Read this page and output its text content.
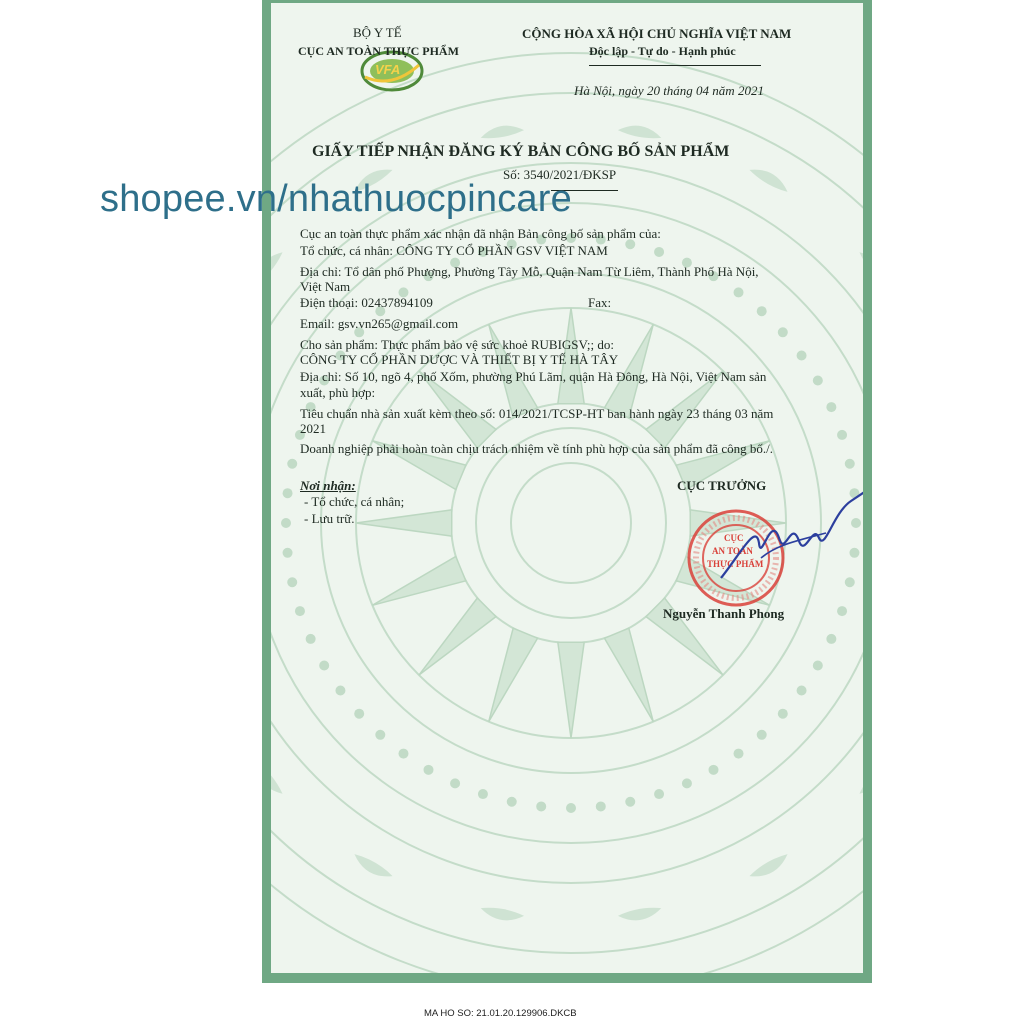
VFA
BỘ Y TẾ
CỤC AN TOÀN THỰC PHẨM
CỘNG HÒA XÃ HỘI CHỦ NGHĨA VIỆT NAM
Độc lập - Tự do - Hạnh phúc
Hà Nội, ngày 20 tháng 04 năm 2021
GIẤY TIẾP NHẬN ĐĂNG KÝ BẢN CÔNG BỐ SẢN PHẨM
Số: 3540/2021/ĐKSP
Cục an toàn thực phẩm xác nhận đã nhận Bản công bố sản phẩm của:
Tổ chức, cá nhân: CÔNG TY CỔ PHẦN GSV VIỆT NAM
Địa chỉ: Tổ dân phố Phượng, Phường Tây Mỗ, Quận Nam Từ Liêm, Thành Phố Hà Nội,
Việt Nam
Điện thoại: 02437894109
Email: gsv.vn265@gmail.com
Cho sản phẩm: Thực phẩm bảo vệ sức khoẻ RUBIGSV;; do:
CÔNG TY CỔ PHẦN DƯỢC VÀ THIẾT BỊ Y TẾ HÀ TÂY
Địa chỉ: Số 10, ngõ 4, phố Xốm, phường Phú Lãm, quận Hà Đông, Hà Nội, Việt Nam sản
xuất, phù hợp:
Tiêu chuẩn nhà sản xuất kèm theo số: 014/2021/TCSP-HT ban hành ngày 23 tháng 03 năm
2021
Doanh nghiệp phải hoàn toàn chịu trách nhiệm về tính phù hợp của sản phẩm đã công bố./.
Fax:
Nơi nhận:
- Tổ chức, cá nhân;
- Lưu trữ.
CỤC TRƯỞNG
CỤC
AN TOÀN
THỰC PHẨM
Nguyễn Thanh Phong
shopee.vn/nhathuocpincare
MA HO SO: 21.01.20.129906.DKCB
